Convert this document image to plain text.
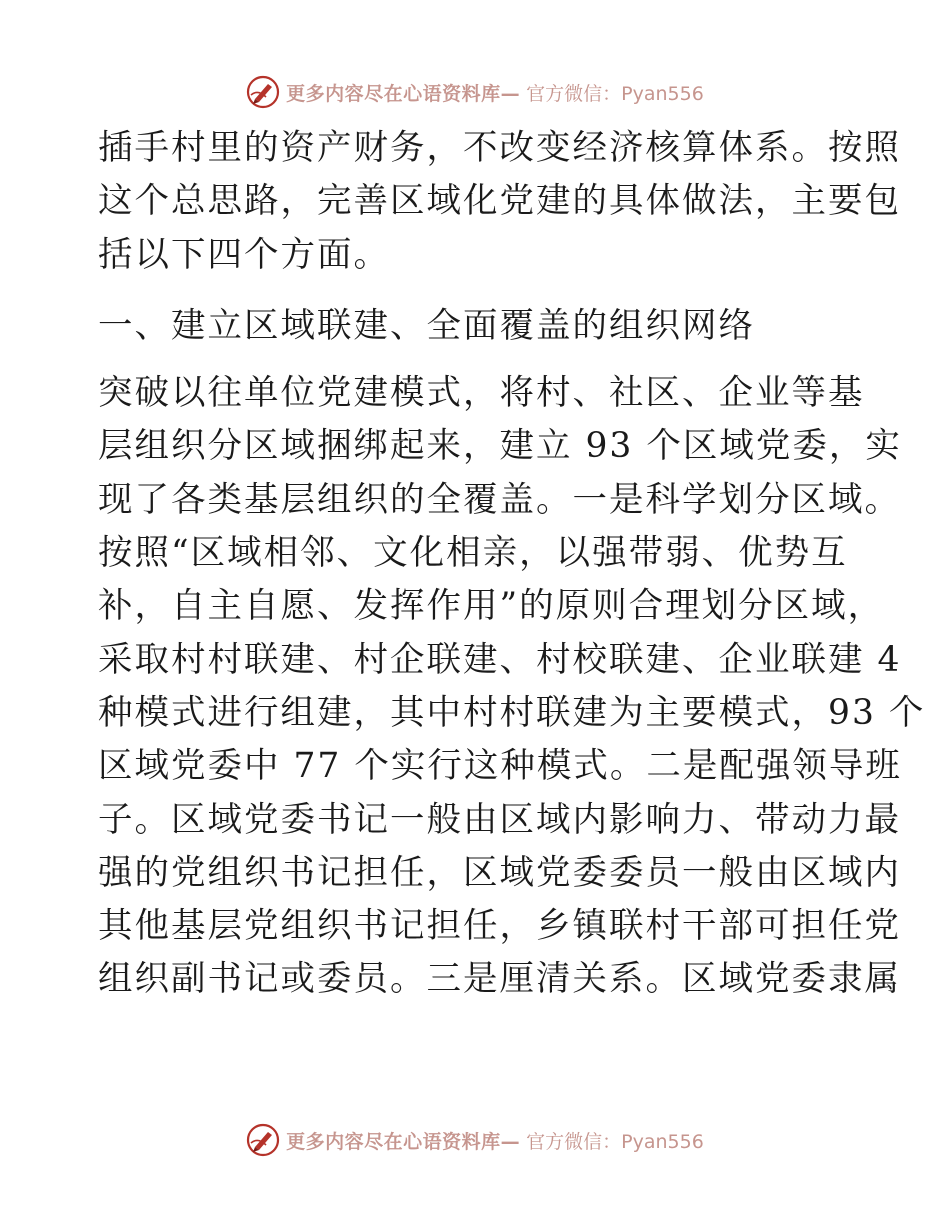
更多内容尽在心语资料库— 官方微信：Pyan556
插手村里的资产财务，不改变经济核算体系。按照
这个总思路，完善区域化党建的具体做法，主要包
括以下四个方面。
一、建立区域联建、全面覆盖的组织网络
突破以往单位党建模式，将村、社区、企业等基
层组织分区域捆绑起来，建立 93 个区域党委，实
现了各类基层组织的全覆盖。一是科学划分区域。
按照“区域相邻、文化相亲，以强带弱、优势互
补，自主自愿、发挥作用”的原则合理划分区域，
采取村村联建、村企联建、村校联建、企业联建 4
种模式进行组建，其中村村联建为主要模式，93 个
区域党委中 77 个实行这种模式。二是配强领导班
子。区域党委书记一般由区域内影响力、带动力最
强的党组织书记担任，区域党委委员一般由区域内
其他基层党组织书记担任，乡镇联村干部可担任党
组织副书记或委员。三是厘清关系。区域党委隶属
更多内容尽在心语资料库— 官方微信：Pyan556
